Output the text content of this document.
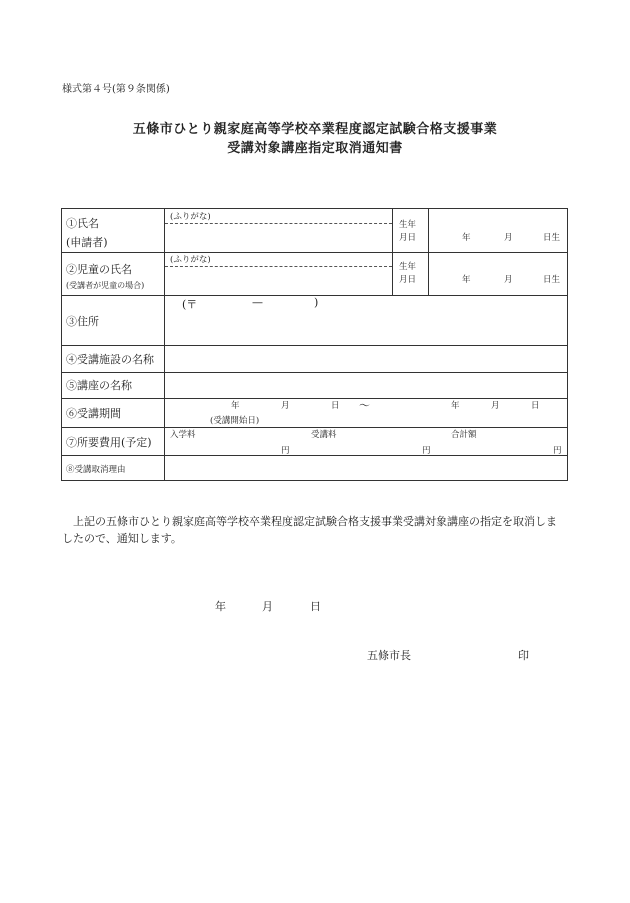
様式第４号(第９条関係)
五條市ひとり親家庭高等学校卒業程度認定試験合格支援事業
受講対象講座指定取消通知書
①氏名
(申請者)
(ふりがな)
生年
月日	年	月	日生
②児童の氏名
(受講者が児童の場合)
(ふりがな)
生年
月日	年	月	日生
③住所
(〒	—	)
④受講施設の名称
⑤講座の名称
⑥受講期間
年	月	日 ～	年	月	日
(受講開始日)
⑦所要費用(予定)
入学料	受講料	合計額
円	円	円
⑧受講取消理由
上記の五條市ひとり親家庭高等学校卒業程度認定試験合格支援事業受講対象講座の指定を取消しましたので、通知します。
年	月	日
五條市長	印
